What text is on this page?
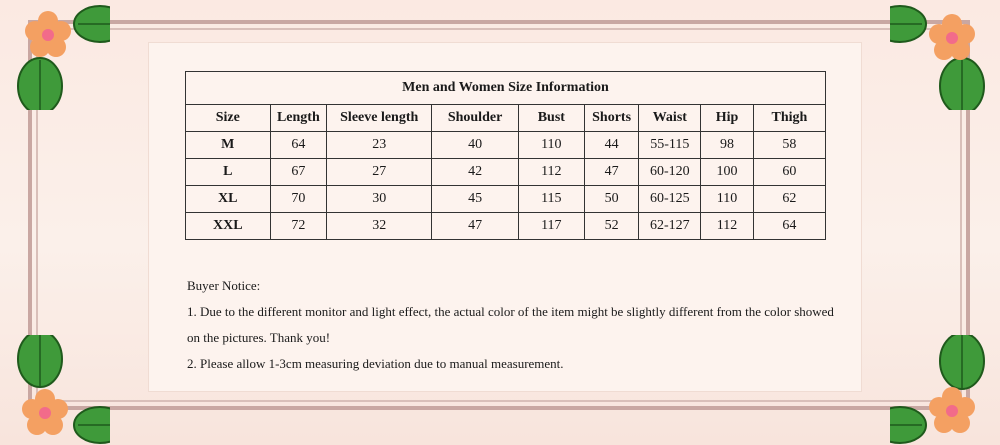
Men and Women Size Information								
Size	Length	Sleeve length	Shoulder	Bust	Shorts	Waist	Hip	Thigh
M	64	23	40	110	44	55-115	98	58
L	67	27	42	112	47	60-120	100	60
XL	70	30	45	115	50	60-125	110	62
XXL	72	32	47	117	52	62-127	112	64

Buyer Notice:

1. Due to the different monitor and light effect, the actual color of the item might be slightly different from the color showed

on the pictures. Thank you!

2. Please allow 1-3cm measuring deviation due to manual measurement.
